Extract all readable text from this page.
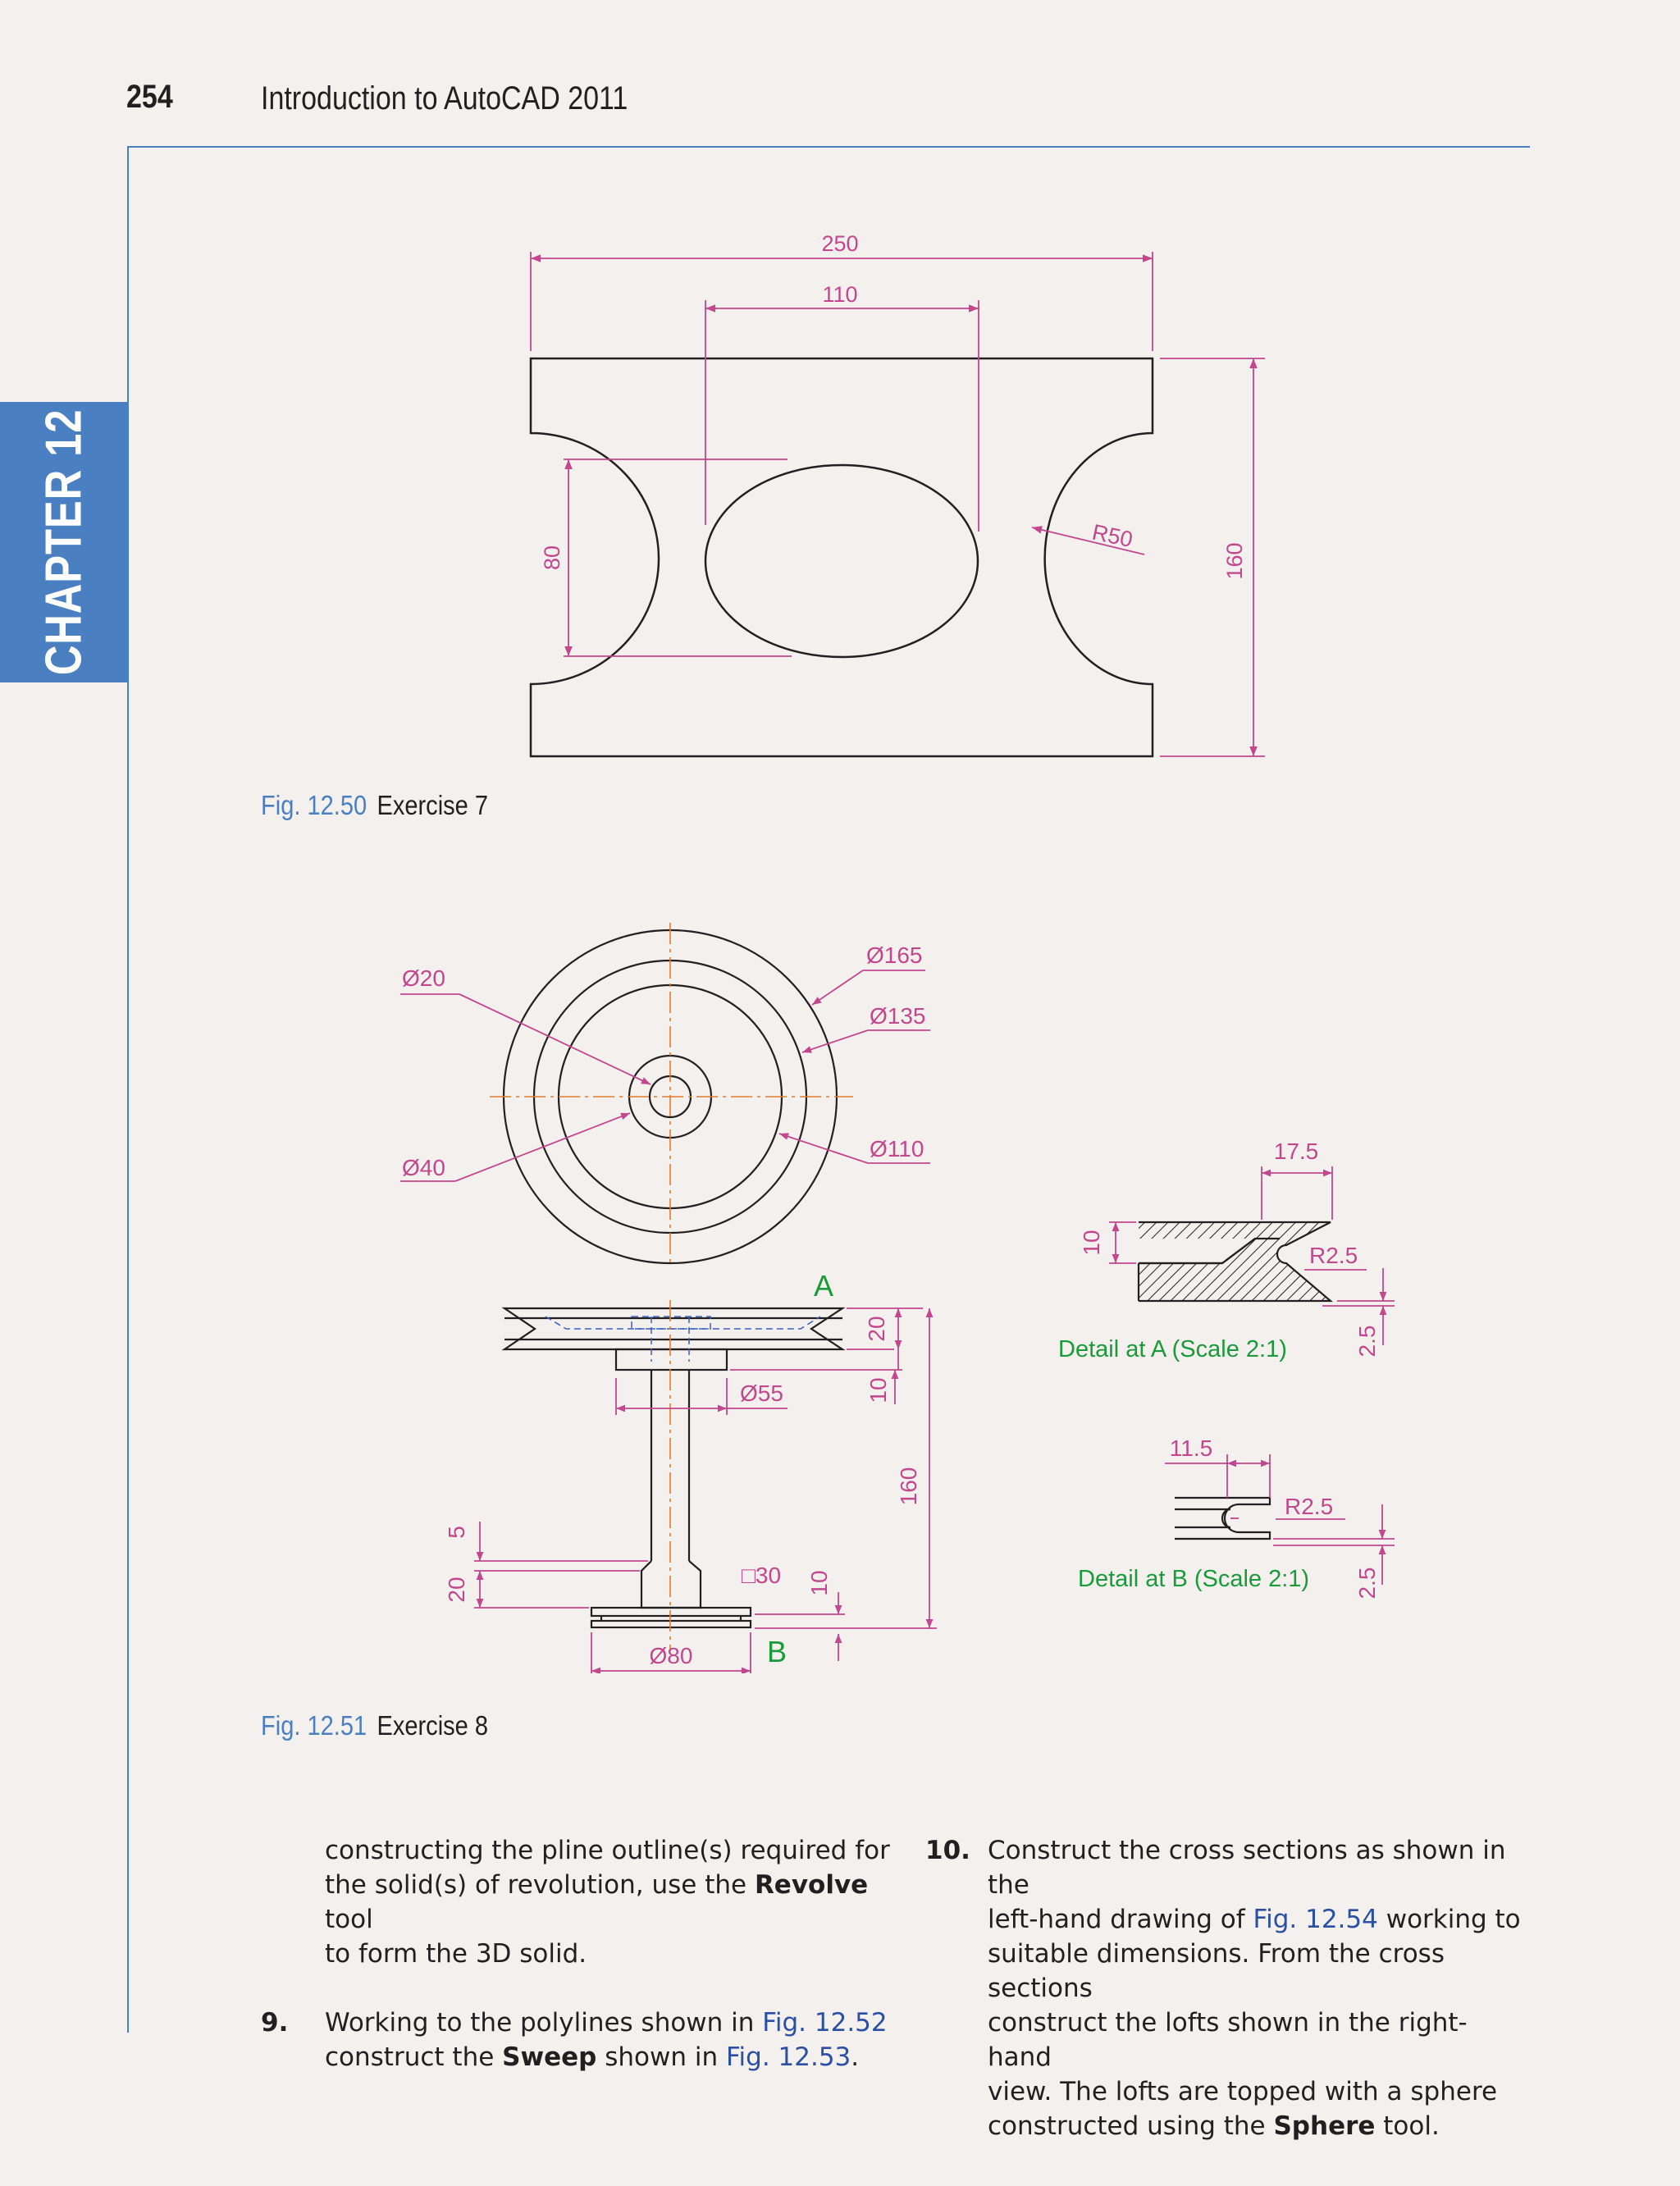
254	Introduction to AutoCAD 2011
CHAPTER 12
250
110
R50
160
80
Fig. 12.50 Exercise 7
Ø20
Ø40
Ø165
Ø135
Ø110
20
10
Ø55
160
5
20
□30 10
Ø80
A
B
17.5
R2.5
10
2.5
Detail at A (Scale 2:1)
11.5
R2.5
2.5
Detail at B (Scale 2:1)
Fig. 12.51 Exercise 8
constructing the pline outline(s) required for
the solid(s) of revolution, use the Revolve tool
to form the 3D solid.
9. Working to the polylines shown in Fig. 12.52
construct the Sweep shown in Fig. 12.53.
10. Construct the cross sections as shown in the
left-hand drawing of Fig. 12.54 working to
suitable dimensions. From the cross sections
construct the lofts shown in the right-hand
view. The lofts are topped with a sphere
constructed using the Sphere tool.
